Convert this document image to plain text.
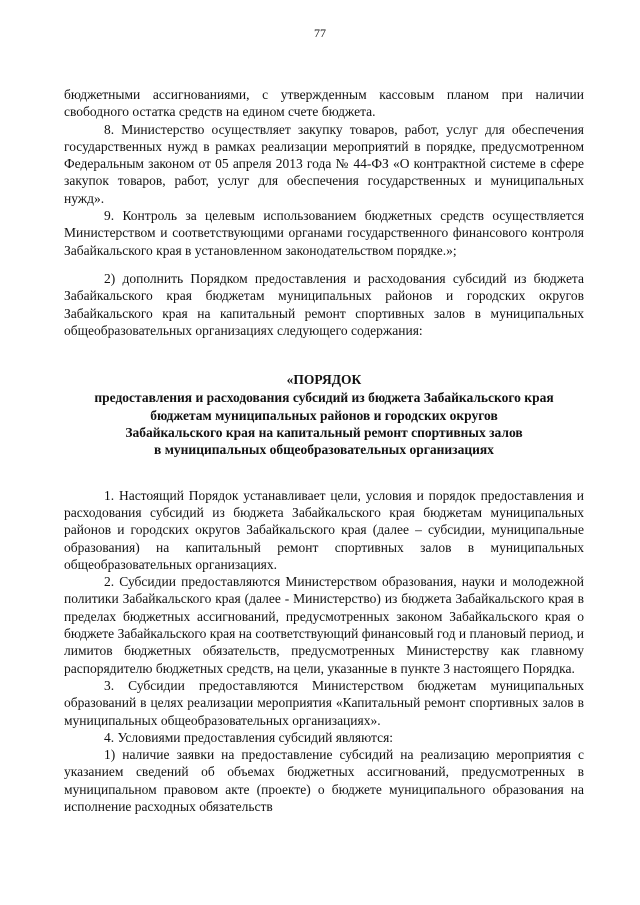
77

бюджетными ассигнованиями, с утвержденным кассовым планом при наличии свободного остатка средств на едином счете бюджета.

8. Министерство осуществляет закупку товаров, работ, услуг для обеспечения государственных нужд в рамках реализации мероприятий в порядке, предусмотренном Федеральным законом от 05 апреля 2013 года № 44-ФЗ «О контрактной системе в сфере закупок товаров, работ, услуг для обеспечения государственных и муниципальных нужд».

9. Контроль за целевым использованием бюджетных средств осуществляется Министерством и соответствующими органами государственного финансового контроля Забайкальского края в установленном законодательством порядке.»;

2) дополнить Порядком предоставления и расходования субсидий из бюджета Забайкальского края бюджетам муниципальных районов и городских округов Забайкальского края на капитальный ремонт спортивных залов в муниципальных общеобразовательных организациях следующего содержания:

«ПОРЯДОК
предоставления и расходования субсидий из бюджета Забайкальского края
бюджетам муниципальных районов и городских округов
Забайкальского края на капитальный ремонт спортивных залов
в муниципальных общеобразовательных организациях

1. Настоящий Порядок устанавливает цели, условия и порядок предоставления и расходования субсидий из бюджета Забайкальского края бюджетам муниципальных районов и городских округов Забайкальского края (далее – субсидии, муниципальные образования) на капитальный ремонт спортивных залов в муниципальных общеобразовательных организациях.

2. Субсидии предоставляются Министерством образования, науки и молодежной политики Забайкальского края (далее - Министерство) из бюджета Забайкальского края в пределах бюджетных ассигнований, предусмотренных законом Забайкальского края о бюджете Забайкальского края на соответствующий финансовый год и плановый период, и лимитов бюджетных обязательств, предусмотренных Министерству как главному распорядителю бюджетных средств, на цели, указанные в пункте 3 настоящего Порядка.

3. Субсидии предоставляются Министерством бюджетам муниципальных образований в целях реализации мероприятия «Капитальный ремонт спортивных залов в муниципальных общеобразовательных организациях».

4. Условиями предоставления субсидий являются:

1) наличие заявки на предоставление субсидий на реализацию мероприятия с указанием сведений об объемах бюджетных ассигнований, предусмотренных в муниципальном правовом акте (проекте) о бюджете муниципального образования на исполнение расходных обязательств
